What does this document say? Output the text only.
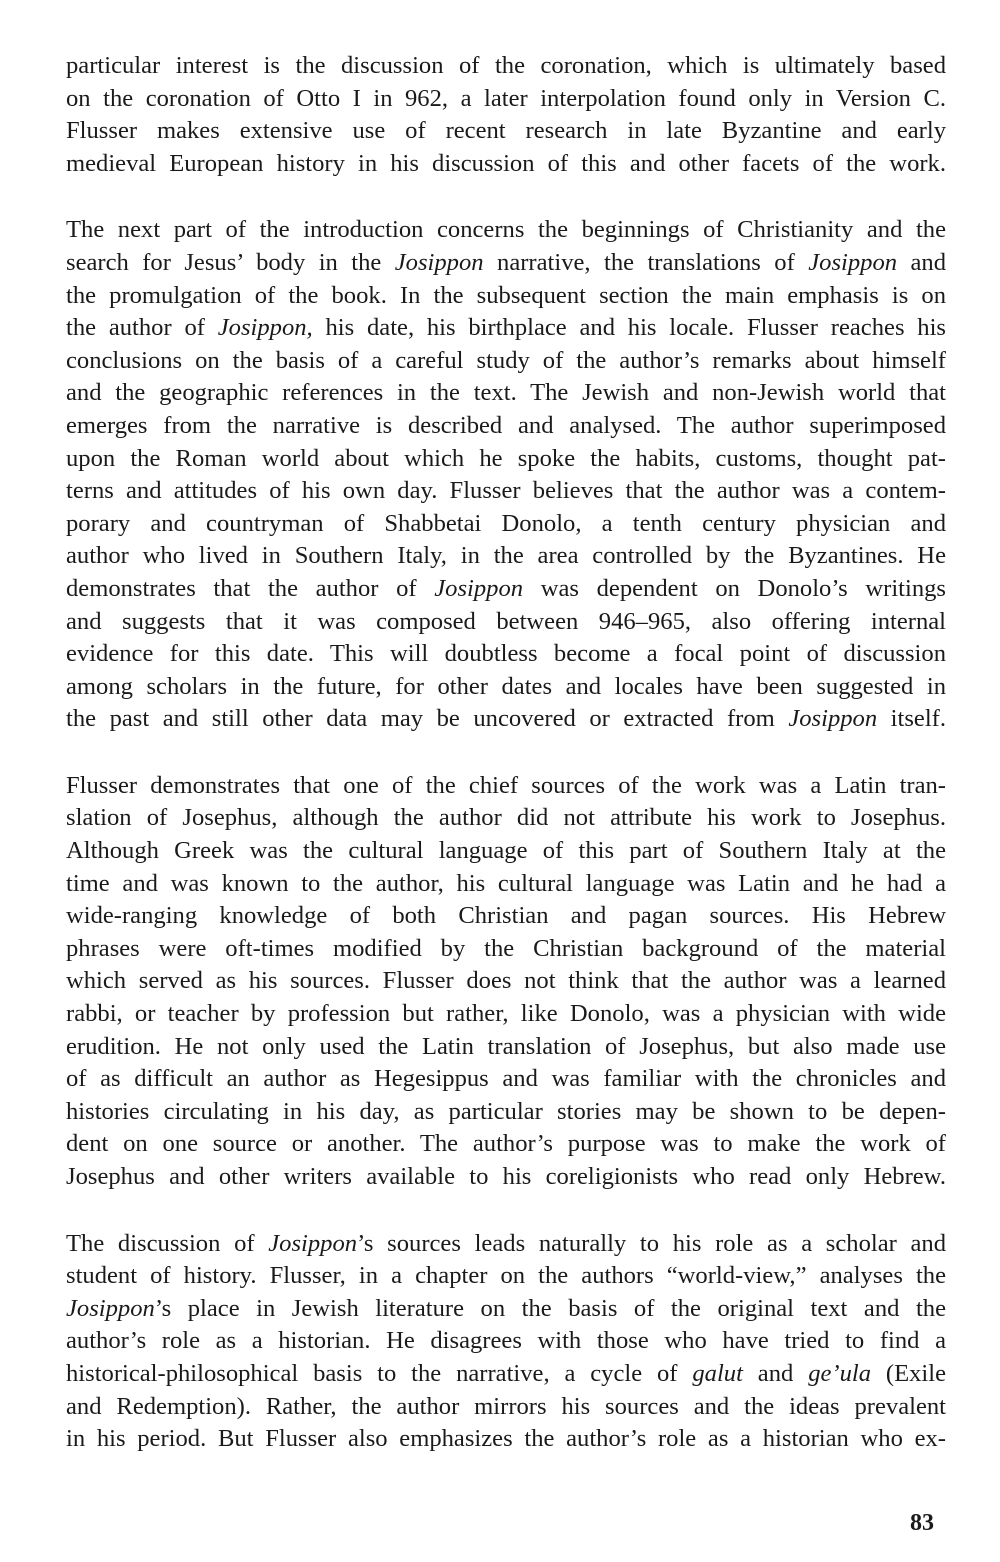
particular interest is the discussion of the coronation, which is ultimately based
on the coronation of Otto I in 962, a later interpolation found only in Version C.
Flusser makes extensive use of recent research in late Byzantine and early
medieval European history in his discussion of this and other facets of the work.

The next part of the introduction concerns the beginnings of Christianity and the
search for Jesus’ body in the Josippon narrative, the translations of Josippon and
the promulgation of the book. In the subsequent section the main emphasis is on
the author of Josippon, his date, his birthplace and his locale. Flusser reaches his
conclusions on the basis of a careful study of the author’s remarks about himself
and the geographic references in the text. The Jewish and non-Jewish world that
emerges from the narrative is described and analysed. The author superimposed
upon the Roman world about which he spoke the habits, customs, thought pat-
terns and attitudes of his own day. Flusser believes that the author was a contem-
porary and countryman of Shabbetai Donolo, a tenth century physician and
author who lived in Southern Italy, in the area controlled by the Byzantines. He
demonstrates that the author of Josippon was dependent on Donolo’s writings
and suggests that it was composed between 946–965, also offering internal
evidence for this date. This will doubtless become a focal point of discussion
among scholars in the future, for other dates and locales have been suggested in
the past and still other data may be uncovered or extracted from Josippon itself.

Flusser demonstrates that one of the chief sources of the work was a Latin tran-
slation of Josephus, although the author did not attribute his work to Josephus.
Although Greek was the cultural language of this part of Southern Italy at the
time and was known to the author, his cultural language was Latin and he had a
wide-ranging knowledge of both Christian and pagan sources. His Hebrew
phrases were oft-times modified by the Christian background of the material
which served as his sources. Flusser does not think that the author was a learned
rabbi, or teacher by profession but rather, like Donolo, was a physician with wide
erudition. He not only used the Latin translation of Josephus, but also made use
of as difficult an author as Hegesippus and was familiar with the chronicles and
histories circulating in his day, as particular stories may be shown to be depen-
dent on one source or another. The author’s purpose was to make the work of
Josephus and other writers available to his coreligionists who read only Hebrew.

The discussion of Josippon’s sources leads naturally to his role as a scholar and
student of history. Flusser, in a chapter on the authors “world-view,” analyses the
Josippon’s place in Jewish literature on the basis of the original text and the
author’s role as a historian. He disagrees with those who have tried to find a
historical-philosophical basis to the narrative, a cycle of galut and ge’ula (Exile
and Redemption). Rather, the author mirrors his sources and the ideas prevalent
in his period. But Flusser also emphasizes the author’s role as a historian who ex-

83
